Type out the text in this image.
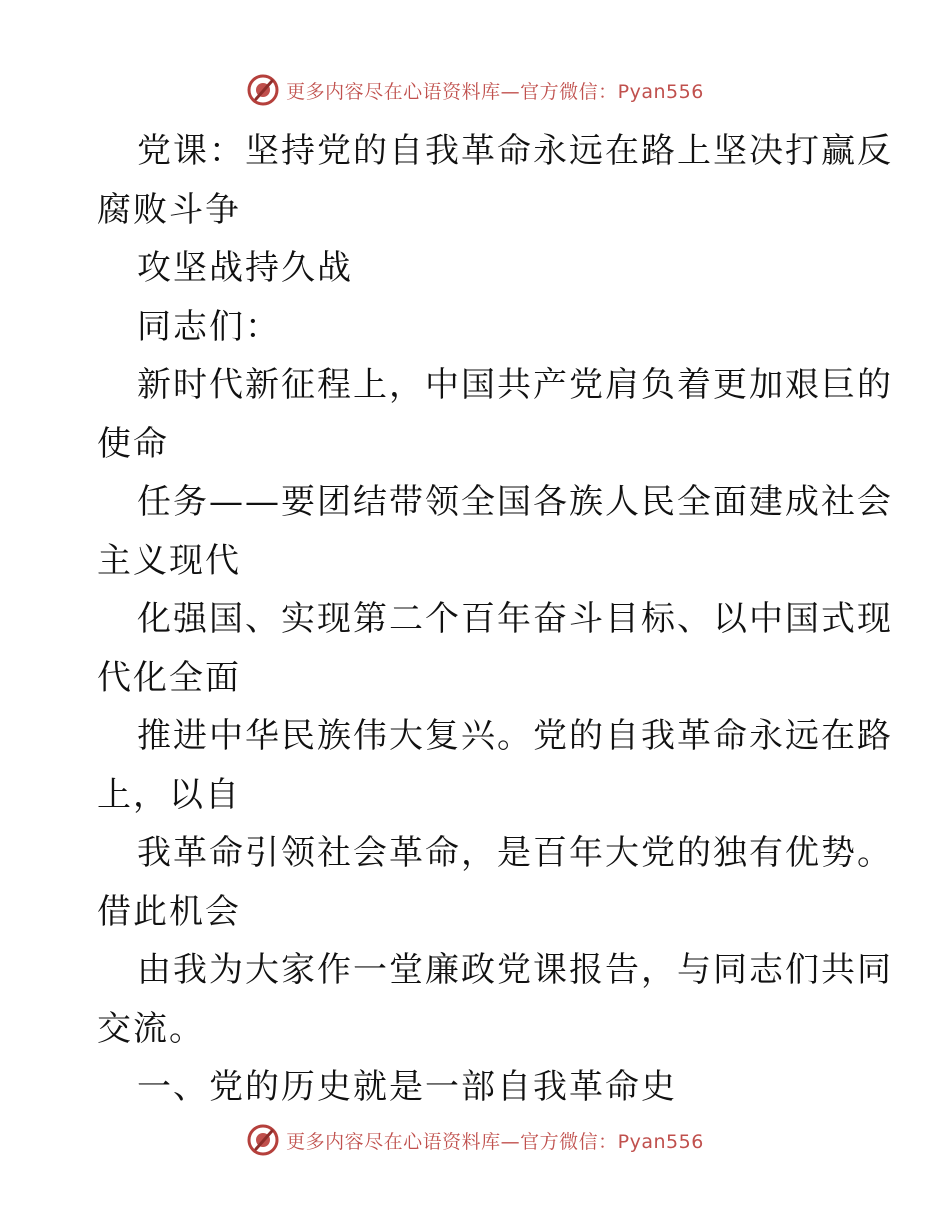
更多内容尽在心语资料库—官方微信：Pyan556
党课：坚持党的自我革命永远在路上坚决打赢反
腐败斗争
攻坚战持久战
同志们：
新时代新征程上，中国共产党肩负着更加艰巨的
使命
任务——要团结带领全国各族人民全面建成社会
主义现代
化强国、实现第二个百年奋斗目标、以中国式现
代化全面
推进中华民族伟大复兴。党的自我革命永远在路
上，以自
我革命引领社会革命，是百年大党的独有优势。
借此机会
由我为大家作一堂廉政党课报告，与同志们共同
交流。
一、党的历史就是一部自我革命史
更多内容尽在心语资料库—官方微信：Pyan556
